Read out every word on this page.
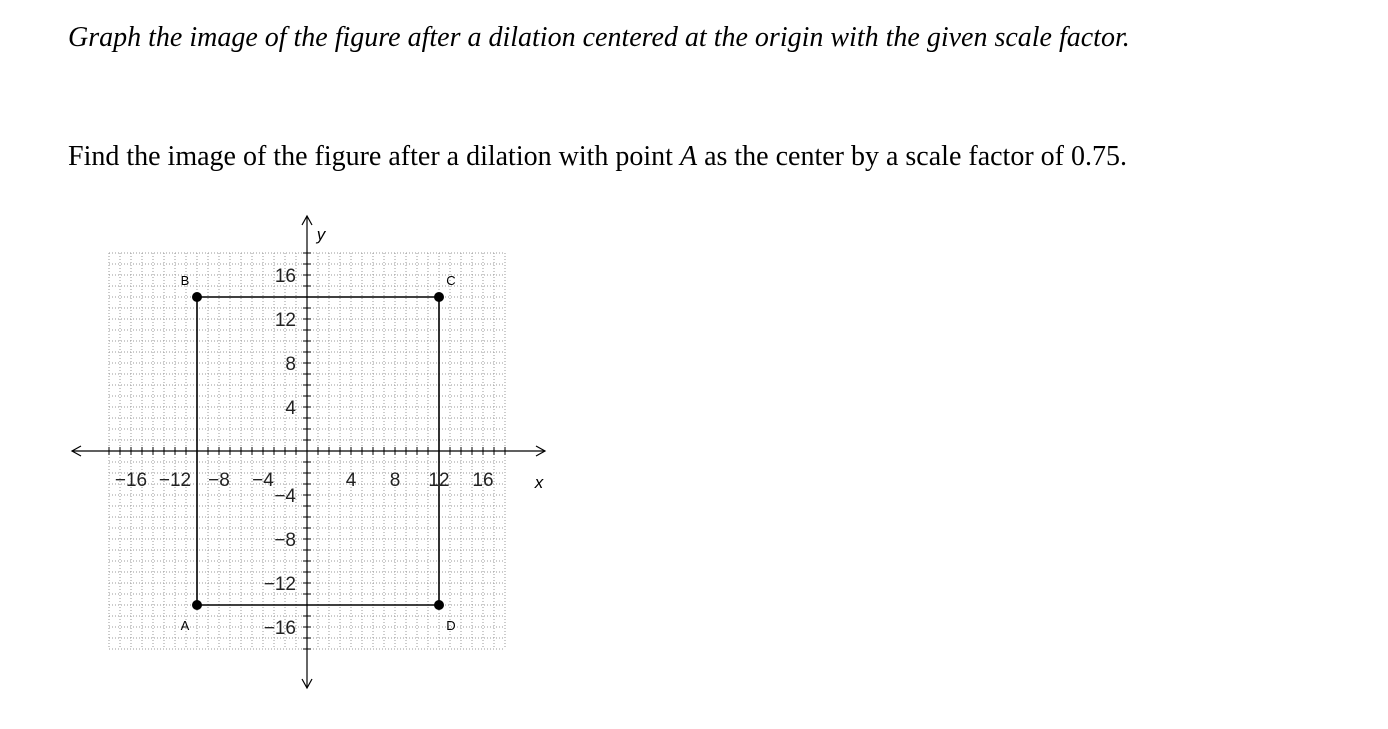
Graph the image of the figure after a dilation centered at the origin with the given scale factor.

Find the image of the figure after a dilation with point A as the center by a scale factor of 0.75.

−16 −12 −8 −4	4 8 12 16
16
12
8
4
−4
−8
−12
−16
x
y
A
B	C
D
